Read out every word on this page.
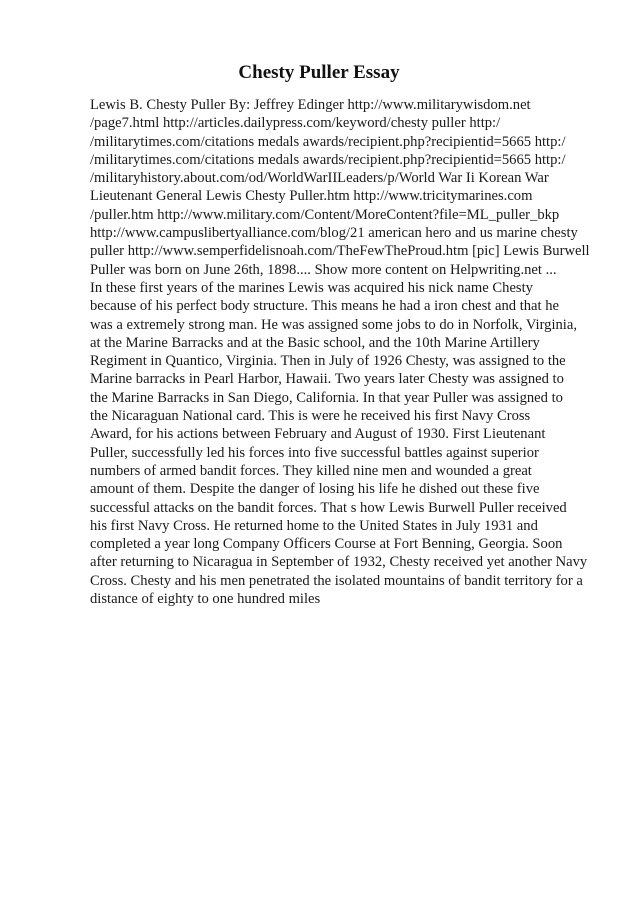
Chesty Puller Essay
Lewis B. Chesty Puller By: Jeffrey Edinger http://www.militarywisdom.net
/page7.html http://articles.dailypress.com/keyword/chesty puller http:/
/militarytimes.com/citations medals awards/recipient.php?recipientid=5665 http:/
/militarytimes.com/citations medals awards/recipient.php?recipientid=5665 http:/
/militaryhistory.about.com/od/WorldWarIILeaders/p/World War Ii Korean War
Lieutenant General Lewis Chesty Puller.htm http://www.tricitymarines.com
/puller.htm http://www.military.com/Content/MoreContent?file=ML_puller_bkp
http://www.campuslibertyalliance.com/blog/21 american hero and us marine chesty
puller http://www.semperfidelisnoah.com/TheFewTheProud.htm [pic] Lewis Burwell
Puller was born on June 26th, 1898.... Show more content on Helpwriting.net ...
In these first years of the marines Lewis was acquired his nick name Chesty
because of his perfect body structure. This means he had a iron chest and that he
was a extremely strong man. He was assigned some jobs to do in Norfolk, Virginia,
at the Marine Barracks and at the Basic school, and the 10th Marine Artillery
Regiment in Quantico, Virginia. Then in July of 1926 Chesty, was assigned to the
Marine barracks in Pearl Harbor, Hawaii. Two years later Chesty was assigned to
the Marine Barracks in San Diego, California. In that year Puller was assigned to
the Nicaraguan National card. This is were he received his first Navy Cross
Award, for his actions between February and August of 1930. First Lieutenant
Puller, successfully led his forces into five successful battles against superior
numbers of armed bandit forces. They killed nine men and wounded a great
amount of them. Despite the danger of losing his life he dished out these five
successful attacks on the bandit forces. That s how Lewis Burwell Puller received
his first Navy Cross. He returned home to the United States in July 1931 and
completed a year long Company Officers Course at Fort Benning, Georgia. Soon
after returning to Nicaragua in September of 1932, Chesty received yet another Navy
Cross. Chesty and his men penetrated the isolated mountains of bandit territory for a
distance of eighty to one hundred miles
